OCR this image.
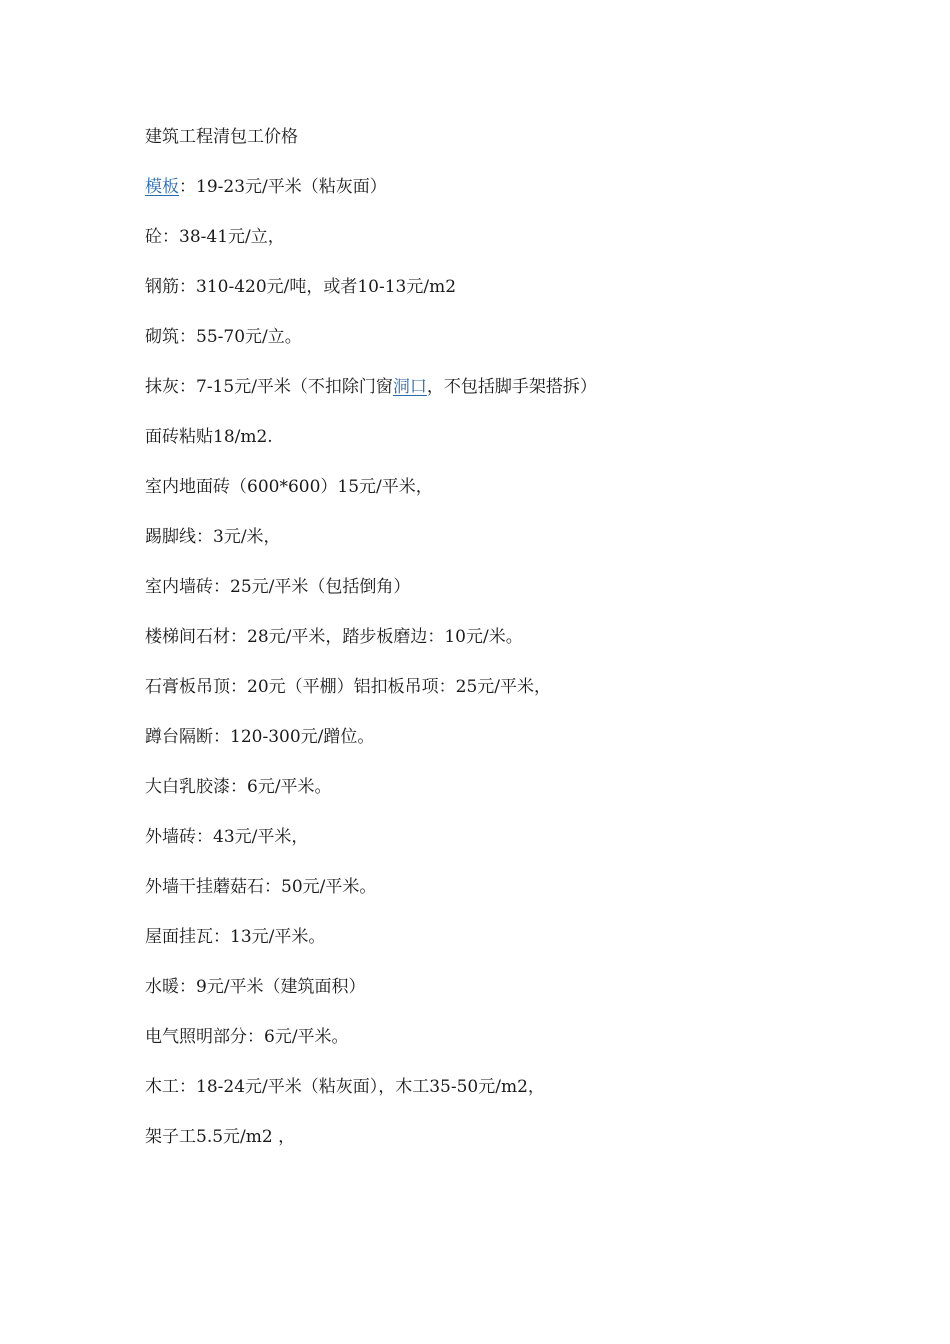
建筑工程清包工价格
模板：19-23元/平米（粘灰面）
砼：38-41元/立，
钢筋：310-420元/吨，或者10-13元/m2
砌筑：55-70元/立。
抹灰：7-15元/平米（不扣除门窗洞口，不包括脚手架搭拆）
面砖粘贴18/m2.
室内地面砖（600*600）15元/平米，
踢脚线：3元/米，
室内墙砖：25元/平米（包括倒角）
楼梯间石材：28元/平米，踏步板磨边：10元/米。
石膏板吊顶：20元（平棚）铝扣板吊项：25元/平米，
蹲台隔断：120-300元/蹭位。
大白乳胶漆：6元/平米。
外墙砖：43元/平米，
外墙干挂蘑菇石：50元/平米。
屋面挂瓦：13元/平米。
水暖：9元/平米（建筑面积）
电气照明部分：6元/平米。
木工：18-24元/平米（粘灰面），木工35-50元/m2，
架子工5.5元/m2 ，
